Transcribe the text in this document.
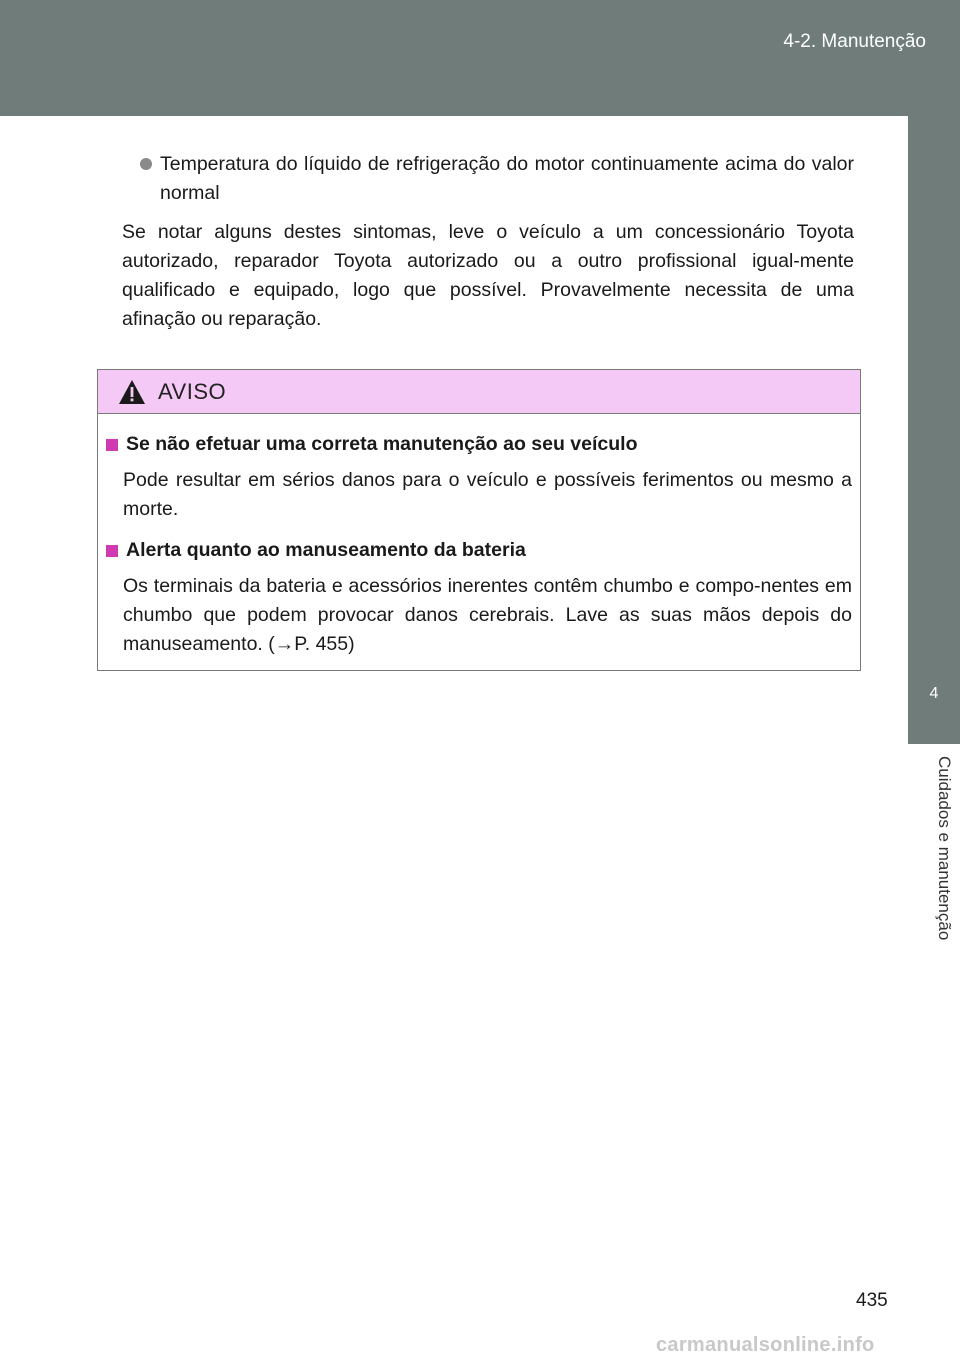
4-2. Manutenção
4
Cuidados e manutenção
Temperatura do líquido de refrigeração do motor continuamente acima do valor normal

Se notar alguns destes sintomas, leve o veículo a um concessionário Toyota autorizado, reparador Toyota autorizado ou a outro profissional igual-mente qualificado e equipado, logo que possível. Provavelmente necessita de uma afinação ou reparação.

AVISO
Se não efetuar uma correta manutenção ao seu veículo

Pode resultar em sérios danos para o veículo e possíveis ferimentos ou mesmo a morte.

Alerta quanto ao manuseamento da bateria

Os terminais da bateria e acessórios inerentes contêm chumbo e compo-nentes em chumbo que podem provocar danos cerebrais. Lave as suas mãos depois do manuseamento. (→P. 455)

435
carmanualsonline.info
